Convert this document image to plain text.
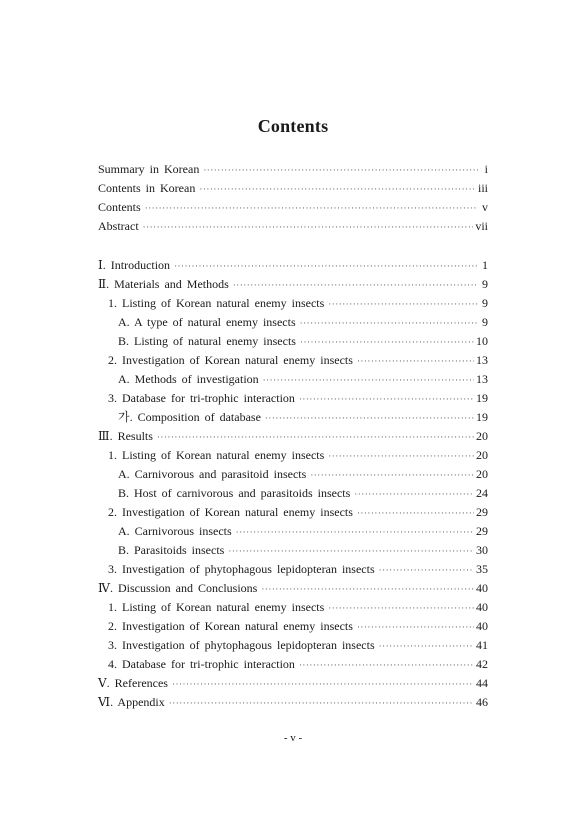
Contents
Summary in Korean ·····	i
Contents in Korean ·····	iii
Contents ·····	v
Abstract ·····	vii
Ⅰ. Introduction ·····	1
Ⅱ. Materials and Methods ·····	9
1. Listing of Korean natural enemy insects ·····	9
A. A type of natural enemy insects ·····	9
B. Listing of natural enemy insects ·····	10
2. Investigation of Korean natural enemy insects ·····	13
A. Methods of investigation ·····	13
3. Database for tri-trophic interaction ·····	19
가. Composition of database ·····	19
Ⅲ. Results ·····	20
1. Listing of Korean natural enemy insects ·····	20
A. Carnivorous and parasitoid insects ·····	20
B. Host of carnivorous and parasitoids insects ·····	24
2. Investigation of Korean natural enemy insects ·····	29
A. Carnivorous insects ·····	29
B. Parasitoids insects ·····	30
3. Investigation of phytophagous lepidopteran insects ·····	35
Ⅳ. Discussion and Conclusions ·····	40
1. Listing of Korean natural enemy insects ·····	40
2. Investigation of Korean natural enemy insects ·····	40
3. Investigation of phytophagous lepidopteran insects ·····	41
4. Database for tri-trophic interaction ·····	42
Ⅴ. References ·····	44
Ⅵ. Appendix ·····	46
- v -
